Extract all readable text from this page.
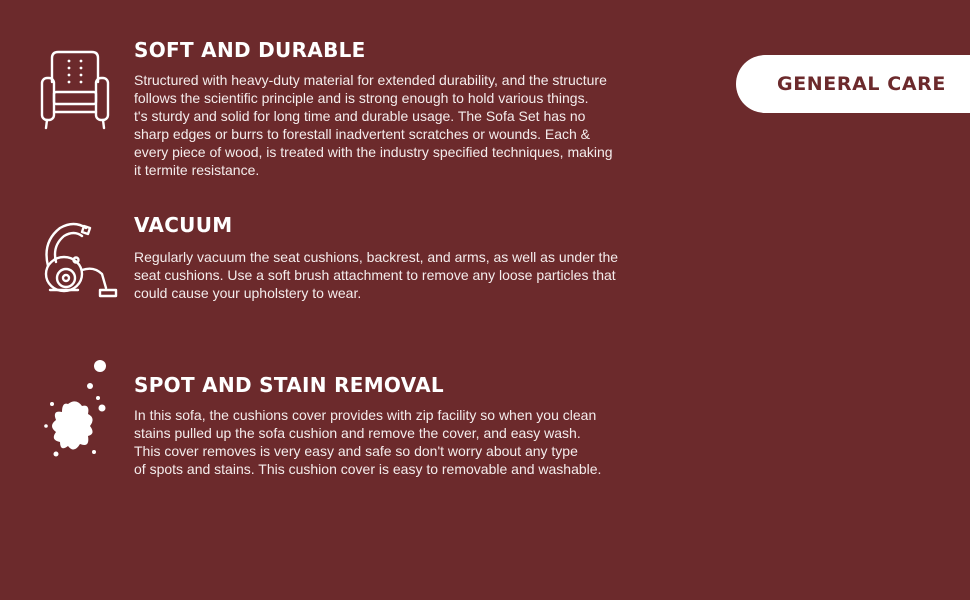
SOFT AND DURABLE

Structured with heavy-duty material for extended durability, and the structure
follows the scientific principle and is strong enough to hold various things.
t's sturdy and solid for long time and durable usage. The Sofa Set has no
sharp edges or burrs to forestall inadvertent scratches or wounds. Each &
every piece of wood, is treated with the industry specified techniques, making
it termite resistance.

VACUUM

Regularly vacuum the seat cushions, backrest, and arms, as well as under the
seat cushions. Use a soft brush attachment to remove any loose particles that
could cause your upholstery to wear.

SPOT AND STAIN REMOVAL

In this sofa, the cushions cover provides with zip facility so when you clean
stains pulled up the sofa cushion and remove the cover, and easy wash.
This cover removes is very easy and safe so don't worry about any type
of spots and stains. This cushion cover is easy to removable and washable.

GENERAL CARE
